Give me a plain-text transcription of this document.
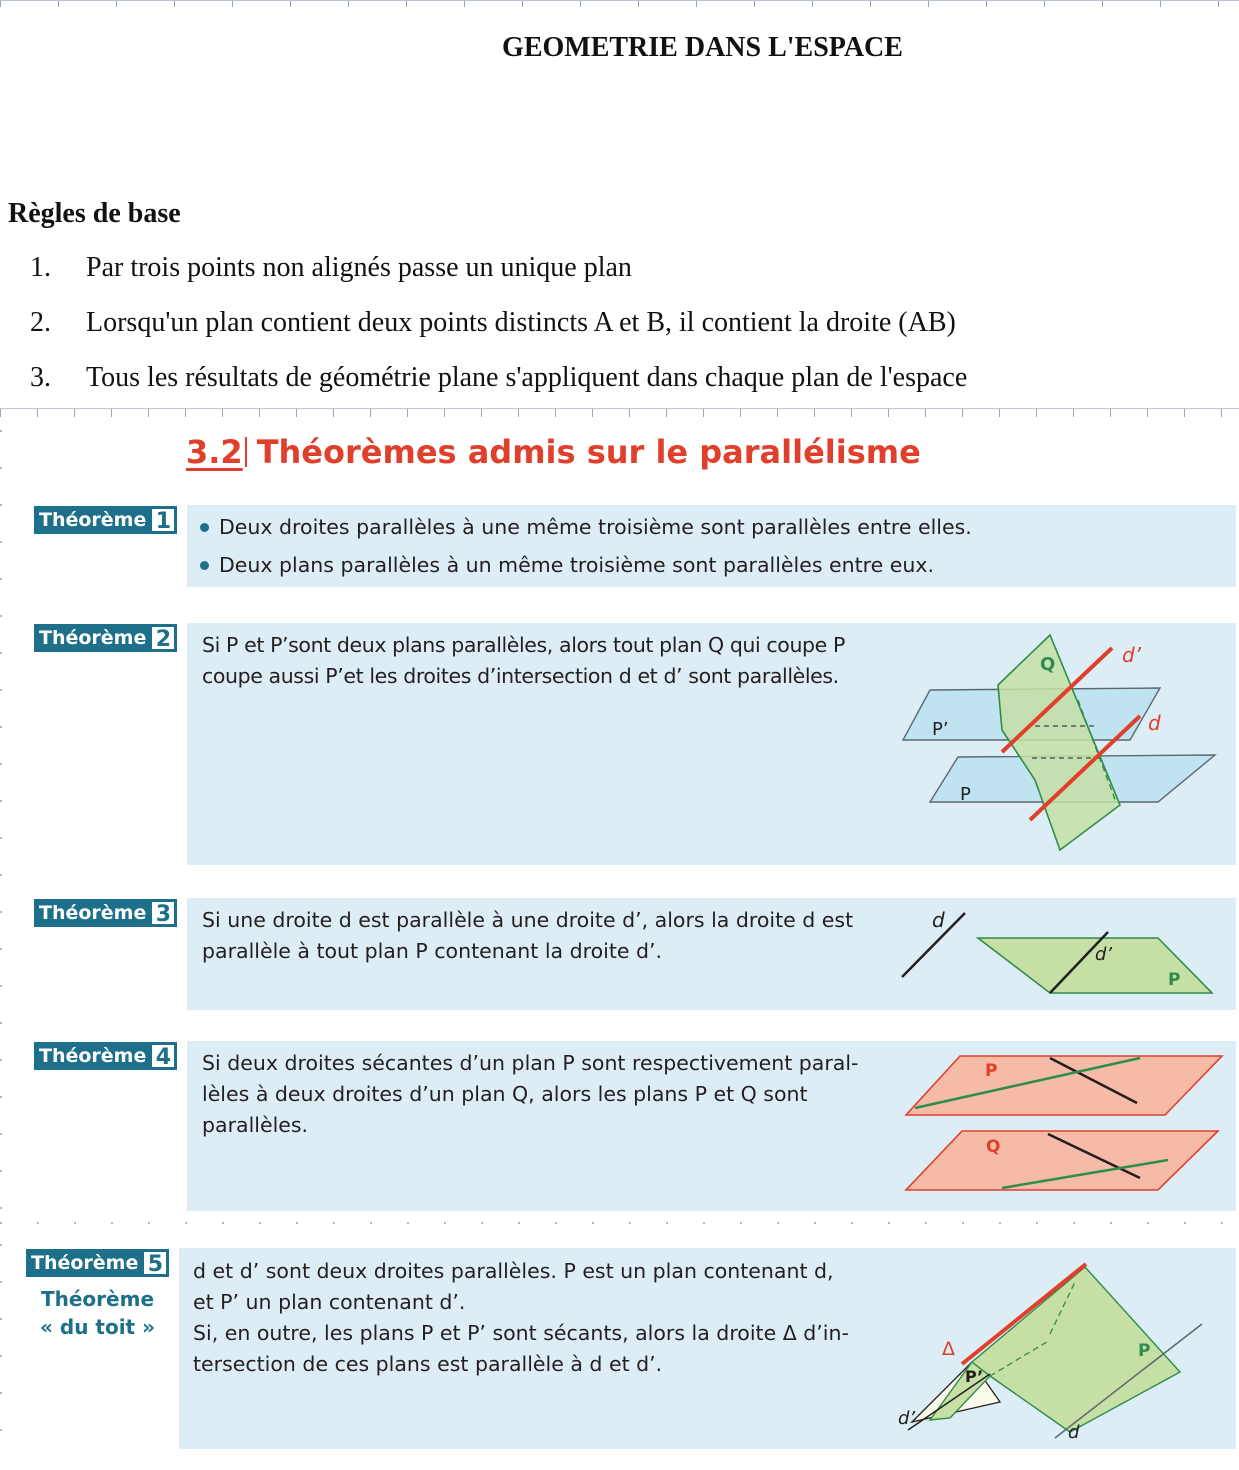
GEOMETRIE DANS L'ESPACE
Règles de base
1. Par trois points non alignés passe un unique plan
2. Lorsqu'un plan contient deux points distincts A et B, il contient la droite (AB)
3. Tous les résultats de géométrie plane s'appliquent dans chaque plan de l'espace
3.2 Théorèmes admis sur le parallélisme
Théorème 1	Deux droites parallèles à une même troisième sont parallèles entre elles.
Deux plans parallèles à un même troisième sont parallèles entre eux.
Théorème 2 Si P et P’sont deux plans parallèles, alors tout plan Q qui coupe P
coupe aussi P’et les droites d’intersection d et d’ sont parallèles.	Q	d’
P’	d
P
Théorème 3 Si une droite d est parallèle à une droite d’, alors la droite d est
parallèle à tout plan P contenant la droite d’.
d
d’
P
Théorème 4 Si deux droites sécantes d’un plan P sont respectivement paral-
lèles à deux droites d’un plan Q, alors les plans P et Q sont
parallèles.
P
Q
Théorème 5
Théorème
« du toit »
d et d’ sont deux droites parallèles. P est un plan contenant d,
et P’ un plan contenant d’.
Si, en outre, les plans P et P’ sont sécants, alors la droite Δ d’in-
tersection de ces plans est parallèle à d et d’.
Δ
P’
P
d’
d
